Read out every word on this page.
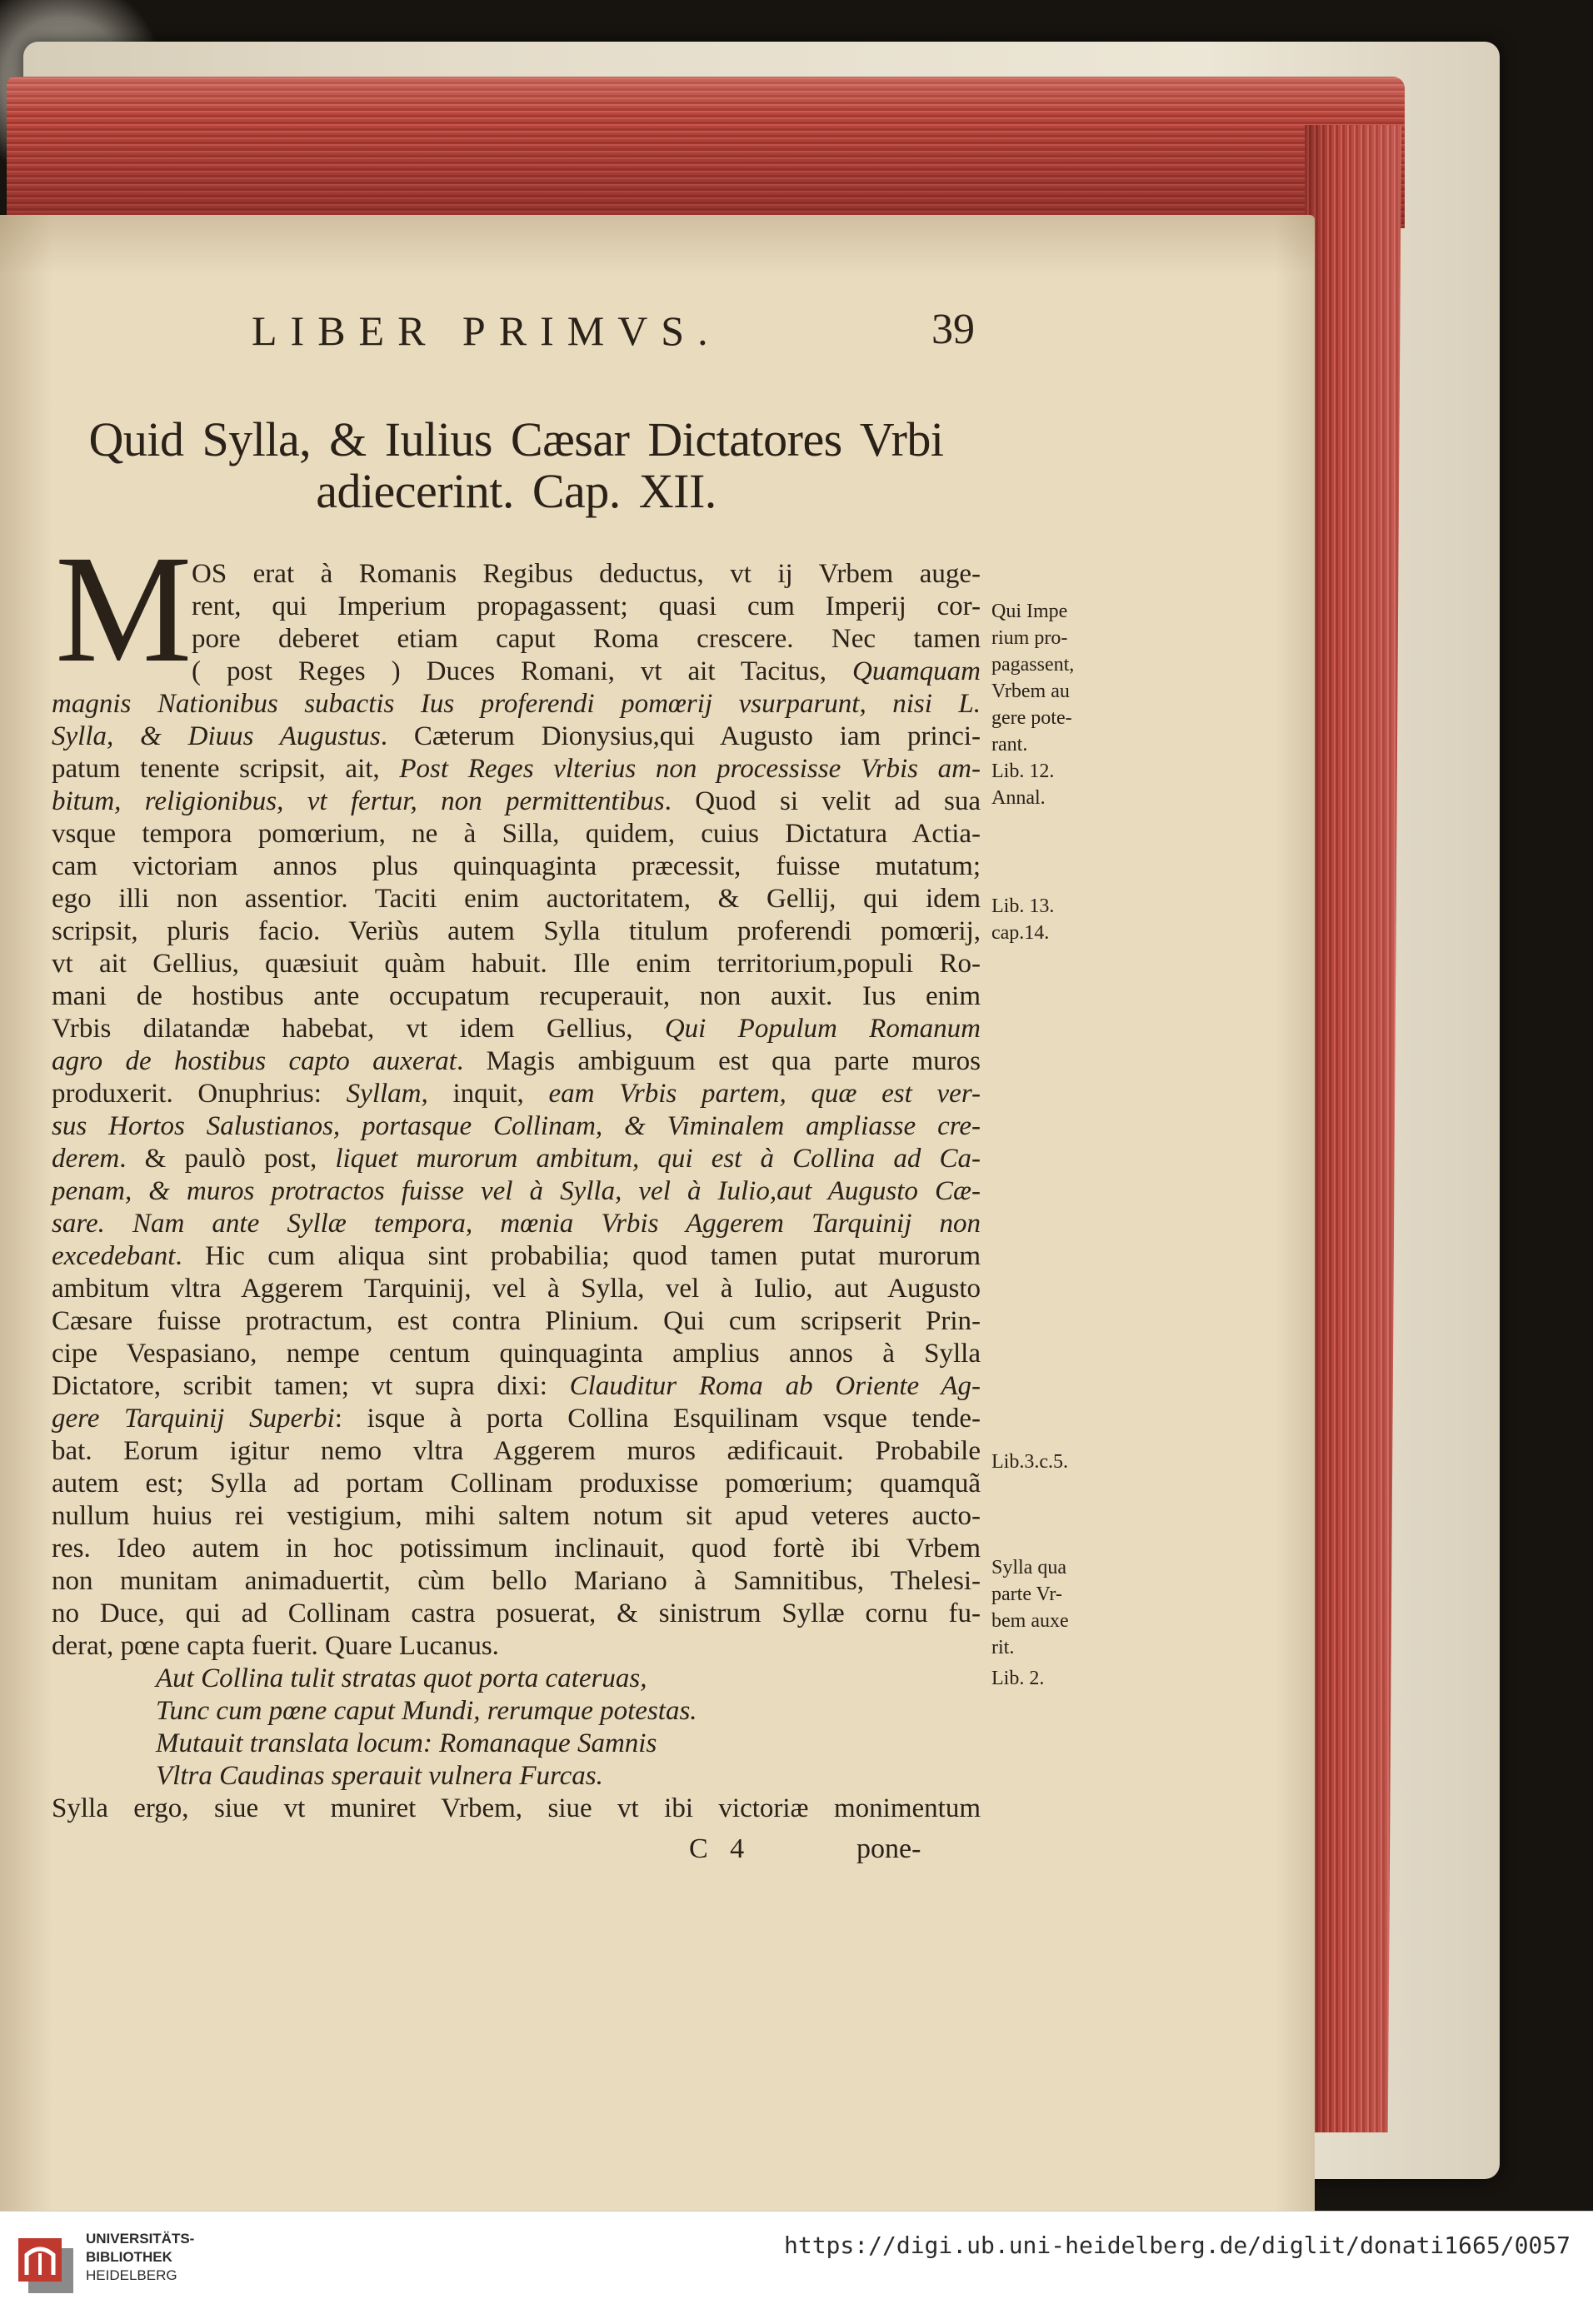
LIBER PRIMVS.	39
Quid Sylla, & Iulius Cæsar Dictatores Vrbi
adiecerint. Cap. XII.
M OS erat à Romanis Regibus deductus, vt ij Vrbem auge-
rent, qui Imperium propagassent; quasi cum Imperij cor-
pore deberet etiam caput Roma crescere. Nec tamen
( post Reges ) Duces Romani, vt ait Tacitus, Quamquam
magnis Nationibus subactis Ius proferendi pomœrij vsurparunt, nisi L.
Sylla, & Diuus Augustus. Cæterum Dionysius,qui Augusto iam princi-
patum tenente scripsit, ait, Post Reges vlterius non processisse Vrbis am-
bitum, religionibus, vt fertur, non permittentibus. Quod si velit ad sua
vsque tempora pomœrium, ne à Silla, quidem, cuius Dictatura Actia-
cam victoriam annos plus quinquaginta præcessit, fuisse mutatum;
ego illi non assentior. Taciti enim auctoritatem, & Gellij, qui idem
scripsit, pluris facio. Veriùs autem Sylla titulum proferendi pomœrij,
vt ait Gellius, quæsiuit quàm habuit. Ille enim territorium,populi Ro-
mani de hostibus ante occupatum recuperauit, non auxit. Ius enim
Vrbis dilatandæ habebat, vt idem Gellius, Qui Populum Romanum
agro de hostibus capto auxerat. Magis ambiguum est qua parte muros
produxerit. Onuphrius: Syllam, inquit, eam Vrbis partem, quæ est ver-
sus Hortos Salustianos, portasque Collinam, & Viminalem ampliasse cre-
derem. & paulò post, liquet murorum ambitum, qui est à Collina ad Ca-
penam, & muros protractos fuisse vel à Sylla, vel à Iulio,aut Augusto Cæ-
sare. Nam ante Syllæ tempora, mœnia Vrbis Aggerem Tarquinij non
excedebant. Hic cum aliqua sint probabilia; quod tamen putat murorum
ambitum vltra Aggerem Tarquinij, vel à Sylla, vel à Iulio, aut Augusto
Cæsare fuisse protractum, est contra Plinium. Qui cum scripserit Prin-
cipe Vespasiano, nempe centum quinquaginta amplius annos à Sylla
Dictatore, scribit tamen; vt supra dixi: Clauditur Roma ab Oriente Ag-
gere Tarquinij Superbi: isque à porta Collina Esquilinam vsque tende-
bat. Eorum igitur nemo vltra Aggerem muros ædificauit. Probabile
autem est; Sylla ad portam Collinam produxisse pomœrium; quamquã
nullum huius rei vestigium, mihi saltem notum sit apud veteres aucto-
res. Ideo autem in hoc potissimum inclinauit, quod fortè ibi Vrbem
non munitam animaduertit, cùm bello Mariano à Samnitibus, Thelesi-
no Duce, qui ad Collinam castra posuerat, & sinistrum Syllæ cornu fu-
derat, pœne capta fuerit. Quare Lucanus.
Aut Collina tulit stratas quot porta cateruas,
Tunc cum pœne caput Mundi, rerumque potestas.
Mutauit translata locum: Romanaque Samnis
Vltra Caudinas sperauit vulnera Furcas.
Sylla ergo, siue vt muniret Vrbem, siue vt ibi victoriæ monimentum
C 4	pone-
Qui Impe
rium pro-
pagassent,
Vrbem au
gere pote-
rant.
Lib. 12.
Annal.
Lib. 13.
cap.14.
Lib.3.c.5.
Sylla qua
parte Vr-
bem auxe
rit.
Lib. 2.
UNIVERSITÄTS-
BIBLIOTHEK
HEIDELBERG
https://digi.ub.uni-heidelberg.de/diglit/donati1665/0057
